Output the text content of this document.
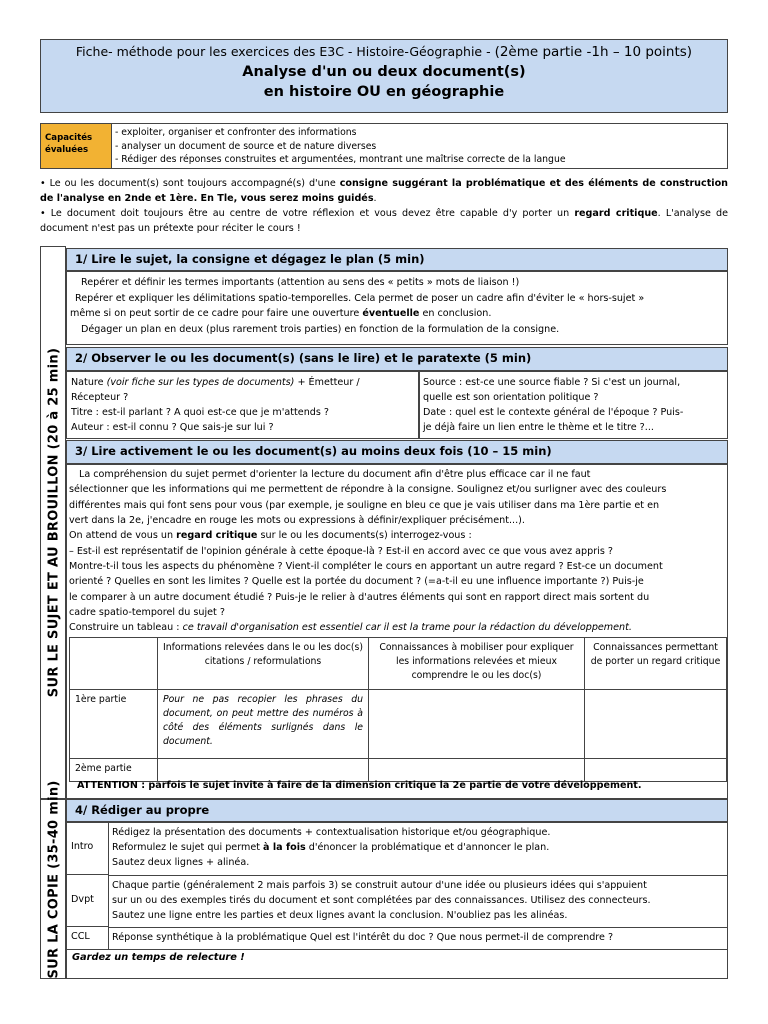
Fiche- méthode pour les exercices des E3C - Histoire-Géographie - (2ème partie -1h – 10 points)
Analyse d'un ou deux document(s)
en histoire OU en géographie
Capacités
évaluées
- exploiter, organiser et confronter des informations
- analyser un document de source et de nature diverses
- Rédiger des réponses construites et argumentées, montrant une maîtrise correcte de la langue
• Le ou les document(s) sont toujours accompagné(s) d'une consigne suggérant la problématique et des éléments de construction de l'analyse en 2nde et 1ère. En Tle, vous serez moins guidés.
• Le document doit toujours être au centre de votre réflexion et vous devez être capable d'y porter un regard critique. L'analyse de document n'est pas un prétexte pour réciter le cours !
SUR LE SUJET ET AU BROUILLON (20 à 25 min)
SUR LA COPIE (35-40 min)
1/ Lire le sujet, la consigne et dégagez le plan (5 min)
Repérer et définir les termes importants (attention au sens des « petits » mots de liaison !)
Repérer et expliquer les délimitations spatio-temporelles. Cela permet de poser un cadre afin d'éviter le « hors-sujet »
même si on peut sortir de ce cadre pour faire une ouverture éventuelle en conclusion.
Dégager un plan en deux (plus rarement trois parties) en fonction de la formulation de la consigne.
2/ Observer le ou les document(s) (sans le lire) et le paratexte (5 min)
Nature (voir fiche sur les types de documents) + Émetteur /
Récepteur ?
Titre : est-il parlant ? A quoi est-ce que je m'attends ?
Auteur : est-il connu ? Que sais-je sur lui ?
Source : est-ce une source fiable ? Si c'est un journal,
quelle est son orientation politique ?
Date : quel est le contexte général de l'époque ? Puis-
je déjà faire un lien entre le thème et le titre ?...
3/ Lire activement le ou les document(s) au moins deux fois (10 – 15 min)
La compréhension du sujet permet d'orienter la lecture du document afin d'être plus efficace car il ne faut
sélectionner que les informations qui me permettent de répondre à la consigne. Soulignez et/ou surligner avec des couleurs
différentes mais qui font sens pour vous (par exemple, je souligne en bleu ce que je vais utiliser dans ma 1ère partie et en
vert dans la 2e, j'encadre en rouge les mots ou expressions à définir/expliquer précisément...).
On attend de vous un regard critique sur le ou les documents(s) interrogez-vous :
– Est-il est représentatif de l'opinion générale à cette époque-là ? Est-il en accord avec ce que vous avez appris ?
Montre-t-il tous les aspects du phénomène ? Vient-il compléter le cours en apportant un autre regard ? Est-ce un document
orienté ? Quelles en sont les limites ? Quelle est la portée du document ? (=a-t-il eu une influence importante ?) Puis-je
le comparer à un autre document étudié ? Puis-je le relier à d'autres éléments qui sont en rapport direct mais sortent du
cadre spatio-temporel du sujet ?
Construire un tableau : ce travail d'organisation est essentiel car il est la trame pour la rédaction du développement.
	Informations relevées dans le ou les doc(s) citations / reformulations	Connaissances à mobiliser pour expliquer les informations relevées et mieux comprendre le ou les doc(s)	Connaissances permettant de porter un regard critique
1ère partie	Pour ne pas recopier les phrases du document, on peut mettre des numéros à côté des éléments surlignés dans le document.		
2ème partie			
ATTENTION : parfois le sujet invite à faire de la dimension critique la 2e partie de votre développement.
4/ Rédiger au propre
Intro
Rédigez la présentation des documents + contextualisation historique et/ou géographique.
Reformulez le sujet qui permet à la fois d'énoncer la problématique et d'annoncer le plan.
Sautez deux lignes + alinéa.
Dvpt
Chaque partie (généralement 2 mais parfois 3) se construit autour d'une idée ou plusieurs idées qui s'appuient
sur un ou des exemples tirés du document et sont complétées par des connaissances. Utilisez des connecteurs.
Sautez une ligne entre les parties et deux lignes avant la conclusion. N'oubliez pas les alinéas.
CCL Réponse synthétique à la problématique Quel est l'intérêt du doc ? Que nous permet-il de comprendre ?
Gardez un temps de relecture !
